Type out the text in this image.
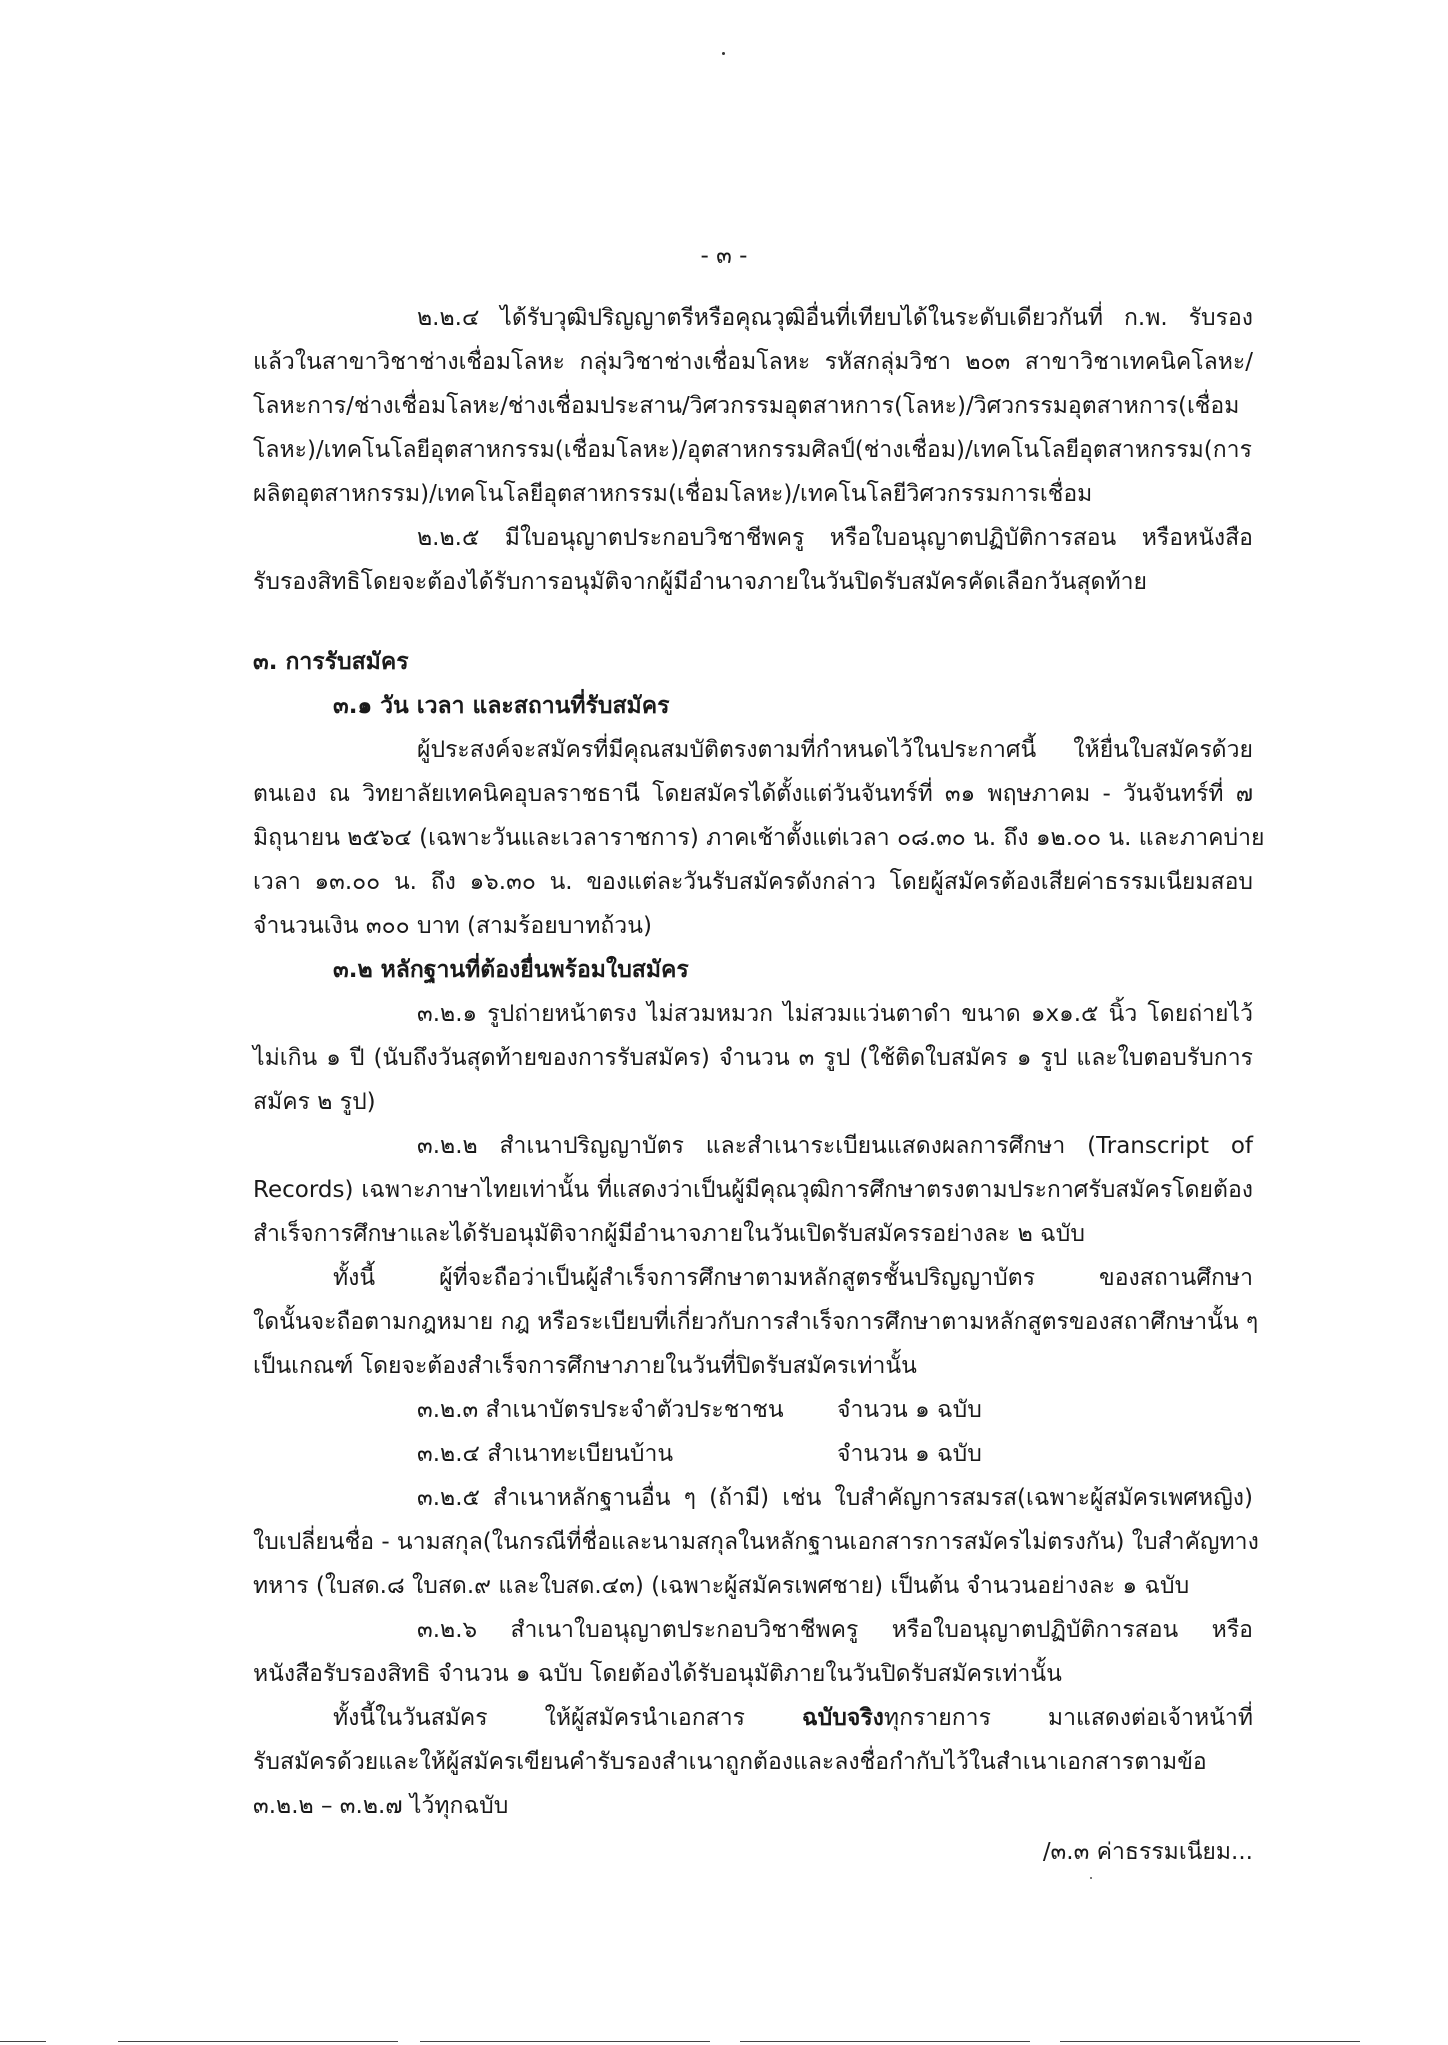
- ๓ -

๒.๒.๔ ได้รับวุฒิปริญญาตรีหรือคุณวุฒิอื่นที่เทียบได้ในระดับเดียวกันที่ ก.พ. รับรอง

แล้วในสาขาวิชาช่างเชื่อมโลหะ กลุ่มวิชาช่างเชื่อมโลหะ รหัสกลุ่มวิชา ๒๐๓ สาขาวิชาเทคนิคโลหะ/

โลหะการ/ช่างเชื่อมโลหะ/ช่างเชื่อมประสาน/วิศวกรรมอุตสาหการ(โลหะ)/วิศวกรรมอุตสาหการ(เชื่อม

โลหะ)/เทคโนโลยีอุตสาหกรรม(เชื่อมโลหะ)/อุตสาหกรรมศิลป์(ช่างเชื่อม)/เทคโนโลยีอุตสาหกรรม(การ

ผลิตอุตสาหกรรม)/เทคโนโลยีอุตสาหกรรม(เชื่อมโลหะ)/เทคโนโลยีวิศวกรรมการเชื่อม

๒.๒.๕ มีใบอนุญาตประกอบวิชาชีพครู หรือใบอนุญาตปฏิบัติการสอน หรือหนังสือ

รับรองสิทธิโดยจะต้องได้รับการอนุมัติจากผู้มีอำนาจภายในวันปิดรับสมัครคัดเลือกวันสุดท้าย

๓. การรับสมัคร

๓.๑ วัน เวลา และสถานที่รับสมัคร

ผู้ประสงค์จะสมัครที่มีคุณสมบัติตรงตามที่กำหนดไว้ในประกาศนี้ ให้ยื่นใบสมัครด้วย

ตนเอง ณ วิทยาลัยเทคนิคอุบลราชธานี โดยสมัครได้ตั้งแต่วันจันทร์ที่ ๓๑ พฤษภาคม - วันจันทร์ที่ ๗

มิถุนายน ๒๕๖๔ (เฉพาะวันและเวลาราชการ) ภาคเช้าตั้งแต่เวลา ๐๘.๓๐ น. ถึง ๑๒.๐๐ น. และภาคบ่าย

เวลา ๑๓.๐๐ น. ถึง ๑๖.๓๐ น. ของแต่ละวันรับสมัครดังกล่าว โดยผู้สมัครต้องเสียค่าธรรมเนียมสอบ

จำนวนเงิน ๓๐๐ บาท (สามร้อยบาทถ้วน)

๓.๒ หลักฐานที่ต้องยื่นพร้อมใบสมัคร

๓.๒.๑ รูปถ่ายหน้าตรง ไม่สวมหมวก ไม่สวมแว่นตาดำ ขนาด ๑x๑.๕ นิ้ว โดยถ่ายไว้

ไม่เกิน ๑ ปี (นับถึงวันสุดท้ายของการรับสมัคร) จำนวน ๓ รูป (ใช้ติดใบสมัคร ๑ รูป และใบตอบรับการ

สมัคร ๒ รูป)

๓.๒.๒ สำเนาปริญญาบัตร และสำเนาระเบียนแสดงผลการศึกษา (Transcript of

Records) เฉพาะภาษาไทยเท่านั้น ที่แสดงว่าเป็นผู้มีคุณวุฒิการศึกษาตรงตามประกาศรับสมัครโดยต้อง

สำเร็จการศึกษาและได้รับอนุมัติจากผู้มีอำนาจภายในวันเปิดรับสมัครรอย่างละ ๒ ฉบับ

ทั้งนี้ ผู้ที่จะถือว่าเป็นผู้สำเร็จการศึกษาตามหลักสูตรชั้นปริญญาบัตร ของสถานศึกษา

ใดนั้นจะถือตามกฎหมาย กฎ หรือระเบียบที่เกี่ยวกับการสำเร็จการศึกษาตามหลักสูตรของสถาศึกษานั้น ๆ

เป็นเกณฑ์ โดยจะต้องสำเร็จการศึกษาภายในวันที่ปิดรับสมัครเท่านั้น

๓.๒.๓ สำเนาบัตรประจำตัวประชาชน จำนวน ๑ ฉบับ

๓.๒.๔ สำเนาทะเบียนบ้าน	จำนวน ๑ ฉบับ

๓.๒.๕ สำเนาหลักฐานอื่น ๆ (ถ้ามี) เช่น ใบสำคัญการสมรส(เฉพาะผู้สมัครเพศหญิง)

ใบเปลี่ยนชื่อ - นามสกุล(ในกรณีที่ชื่อและนามสกุลในหลักฐานเอกสารการสมัครไม่ตรงกัน) ใบสำคัญทาง

ทหาร (ใบสด.๘ ใบสด.๙ และใบสด.๔๓) (เฉพาะผู้สมัครเพศชาย) เป็นต้น จำนวนอย่างละ ๑ ฉบับ

๓.๒.๖ สำเนาใบอนุญาตประกอบวิชาชีพครู หรือใบอนุญาตปฏิบัติการสอน หรือ

หนังสือรับรองสิทธิ จำนวน ๑ ฉบับ โดยต้องได้รับอนุมัติภายในวันปิดรับสมัครเท่านั้น

ทั้งนี้ในวันสมัคร ให้ผู้สมัครนำเอกสาร ฉบับจริงทุกรายการ มาแสดงต่อเจ้าหน้าที่

รับสมัครด้วยและให้ผู้สมัครเขียนคำรับรองสำเนาถูกต้องและลงชื่อกำกับไว้ในสำเนาเอกสารตามข้อ

๓.๒.๒ – ๓.๒.๗ ไว้ทุกฉบับ

/๓.๓ ค่าธรรมเนียม...
